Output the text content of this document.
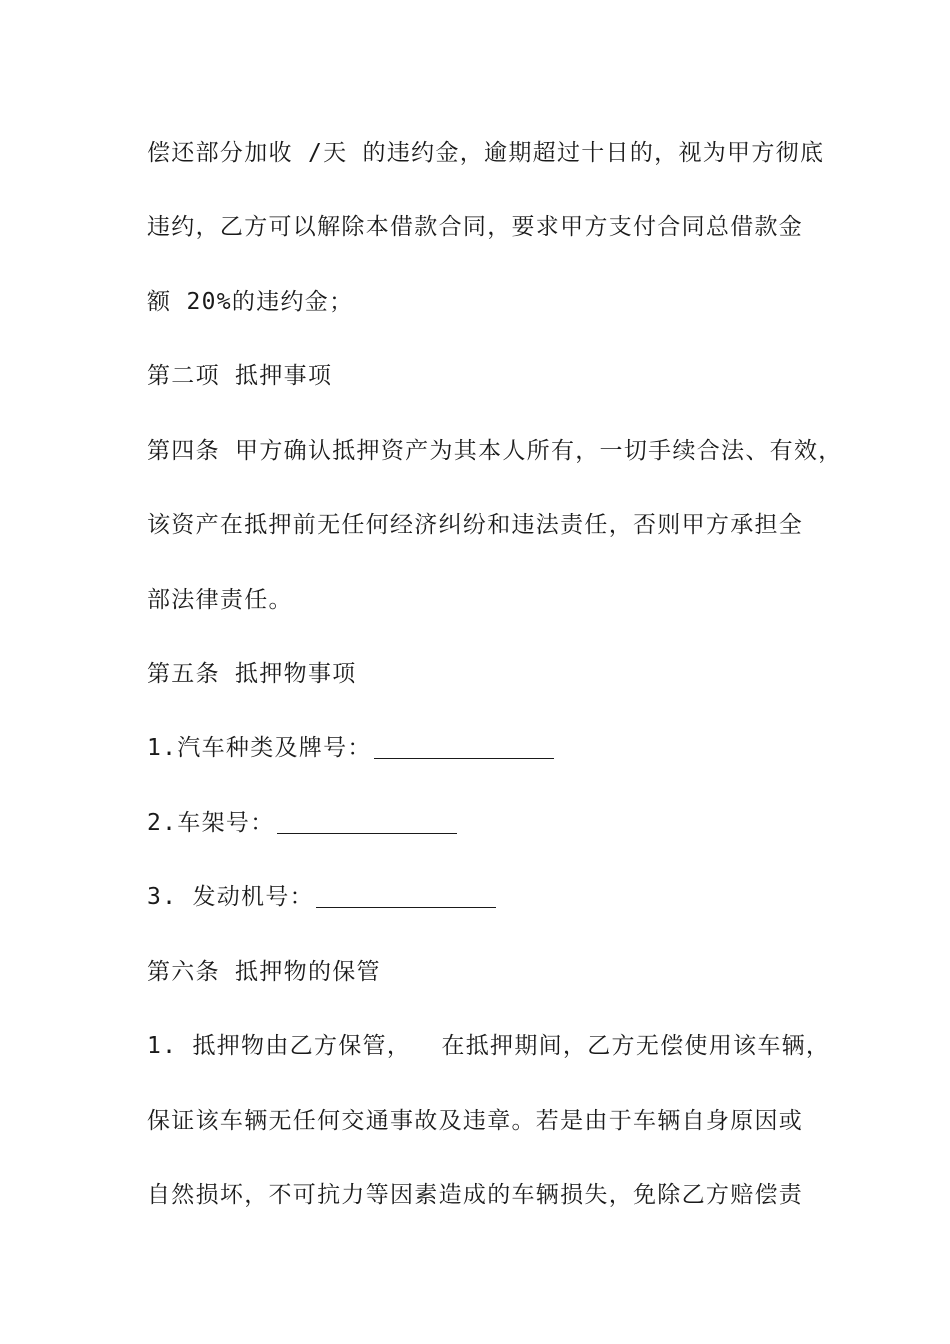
偿还部分加收 /天 的违约金，逾期超过十日的，视为甲方彻底
违约，乙方可以解除本借款合同，要求甲方支付合同总借款金
额 20%的违约金；
第二项 抵押事项
第四条 甲方确认抵押资产为其本人所有，一切手续合法、有效，
该资产在抵押前无任何经济纠纷和违法责任，否则甲方承担全
部法律责任。
第五条 抵押物事项
1.汽车种类及牌号：
2.车架号：
3. 发动机号：
第六条 抵押物的保管
1. 抵押物由乙方保管，  在抵押期间，乙方无偿使用该车辆，
保证该车辆无任何交通事故及违章。若是由于车辆自身原因或
自然损坏，不可抗力等因素造成的车辆损失，免除乙方赔偿责
